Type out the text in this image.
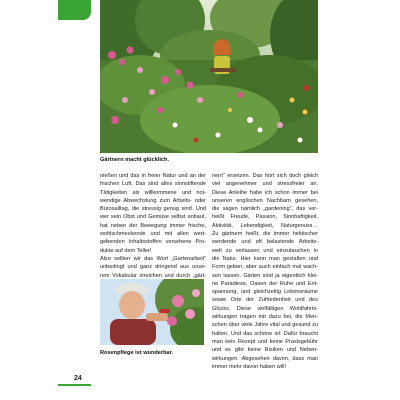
Gärtnern macht glücklich.
nießen und das in freier Natur und an der
frischen Luft. Das sind alles sinnstiftende
Tätigkeiten als willkommene und not-
wendige Abwechslung zum Arbeits- oder
Bürosalltag, die stressig genug sind. Und
wer sein Obst und Gemüse selbst anbaut,
hat neben der Bewegung immer frische,
wohlschmeckende und mit allen wert-
gebenden Inhaltsstoffen versehene Pro-
dukte auf dem Teller!
Also sollten wir das Wort „Gartenarbeit“
unbedingt und ganz dringend aus unse-
rem Vokabular streichen und durch „gärt-
Rosenpflege ist wunderbar.
nern“ ersetzen. Das hört sich doch gleich
viel angenehmer und stressfreier an.
Diese Anleihe habe ich schon immer bei
unseren englischen Nachbarn gesehen,
die sagen nämlich „gardening“, das ver-
heißt Freude, Passion, Sinnhaftigkeit,
Aktivität, Lebendigkeit, Naturgenuss…
Zu gärtnern heißt, die immer hektischer
werdende und oft belastende Arbeits-
welt zu verlassen und einzutauchen in
die Natur. Hier kann man gestalten und
Form geben, aber auch einfach mal wach-
sen lassen. Gärten sind ja eigentlich klei-
ne Paradiese, Oasen der Ruhe und Ent-
spannung, und gleichzeitig Lebensräume
sowie Orte der Zufriedenheit und des
Glücks. Diese vielfältigen Wohlfahrts-
wirkungen tragen mit dazu bei, die Men-
schen über viele Jahre vital und gesund zu
halten. Und das schöne ist: Dafür braucht
man kein Rezept und keine Praxisgebühr
und es gibt keine Risiken und Neben-
wirkungen. Abgesehen davon, dass man
immer mehr davon haben will!
24
